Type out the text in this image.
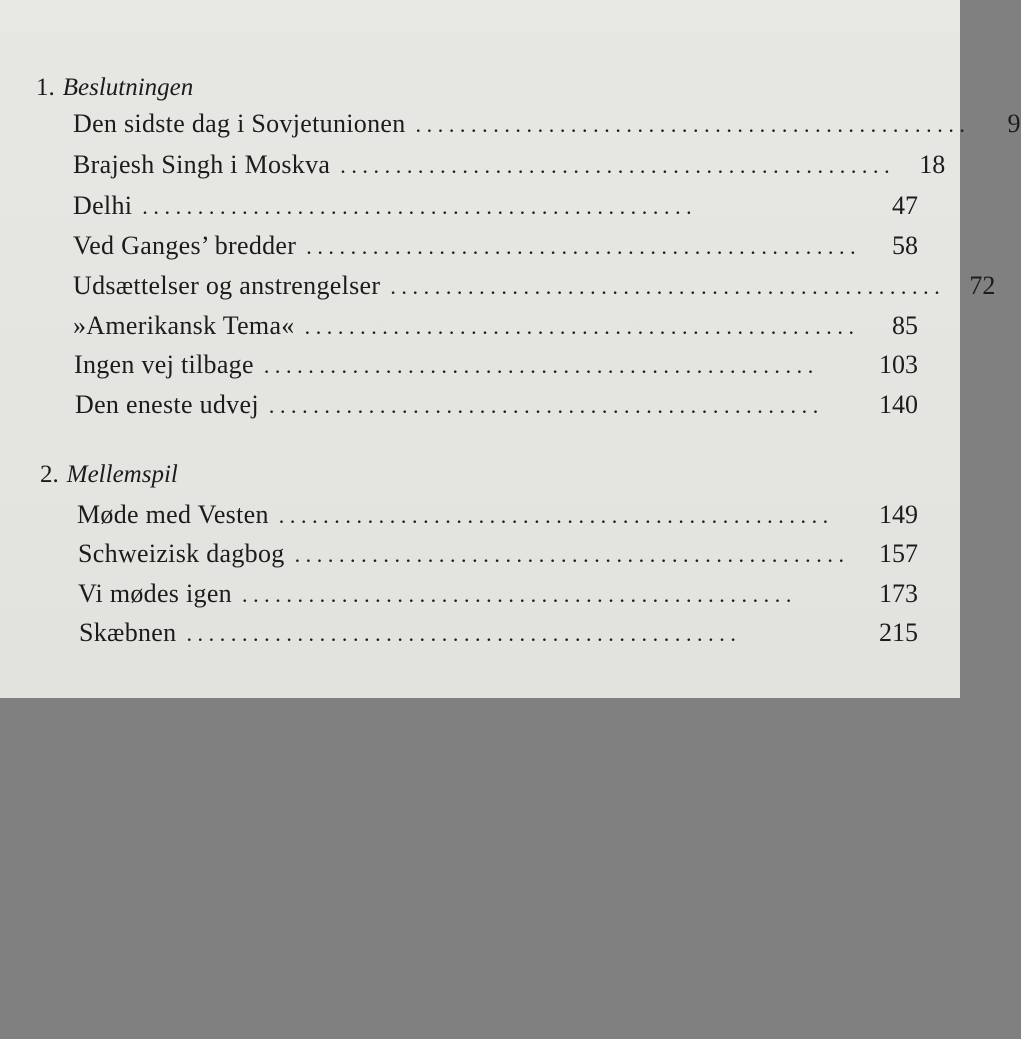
1. Beslutningen
Den sidste dag i Sovjetunionen ..................................................	9
Brajesh Singh i Moskva .................................................. 18
Delhi ..................................................	47
Ved Ganges’ bredder ..................................................	58
Udsættelser og anstrengelser .................................................. 72
»Amerikansk Tema« ..................................................	85
Ingen vej tilbage ..................................................	103
Den eneste udvej ..................................................	140
2. Mellemspil
Møde med Vesten ..................................................	149
Schweizisk dagbog ..................................................	157
Vi mødes igen ..................................................	173
Skæbnen ..................................................	215
